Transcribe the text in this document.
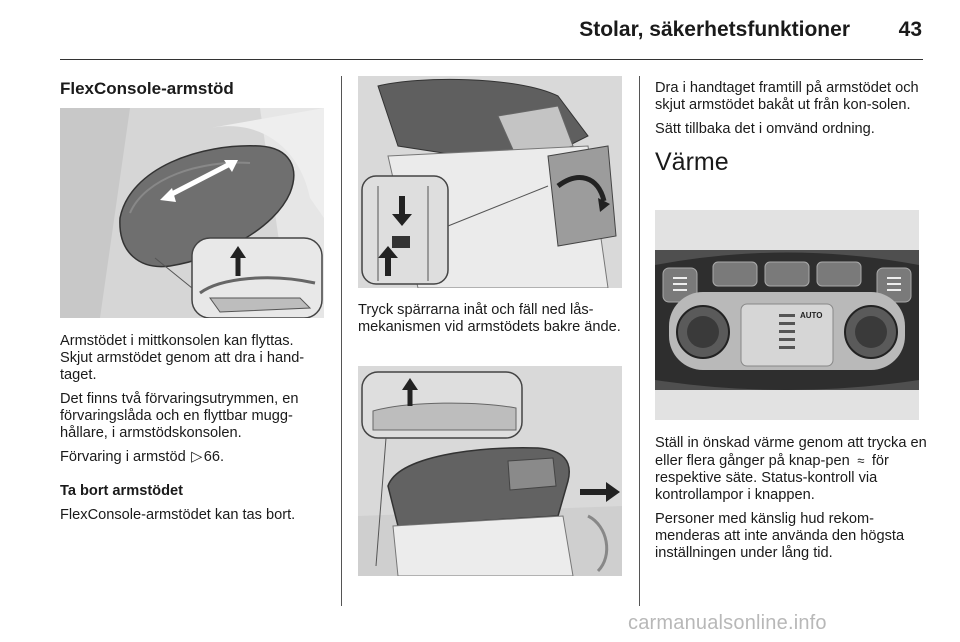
Stolar, säkerhetsfunktioner	43
FlexConsole-armstöd

Armstödet i mittkonsolen kan flyttas. Skjut armstödet genom att dra i hand-taget.

Det finns två förvaringsutrymmen, en förvaringslåda och en flyttbar mugg-hållare, i armstödskonsolen.

Förvaring i armstöd ▷66.

Ta bort armstödet

FlexConsole-armstödet kan tas bort.

Tryck spärrarna inåt och fäll ned lås-mekanismen vid armstödets bakre ände.

Dra i handtaget framtill på armstödet och skjut armstödet bakåt ut från kon-solen.

Sätt tillbaka det i omvänd ordning.

Värme
AUTO

Ställ in önskad värme genom att trycka en eller flera gånger på knap-pen ≈ för respektive säte. Status-kontroll via kontrollampor i knappen.

Personer med känslig hud rekom-menderas att inte använda den högsta inställningen under lång tid.

carmanualsonline.info
